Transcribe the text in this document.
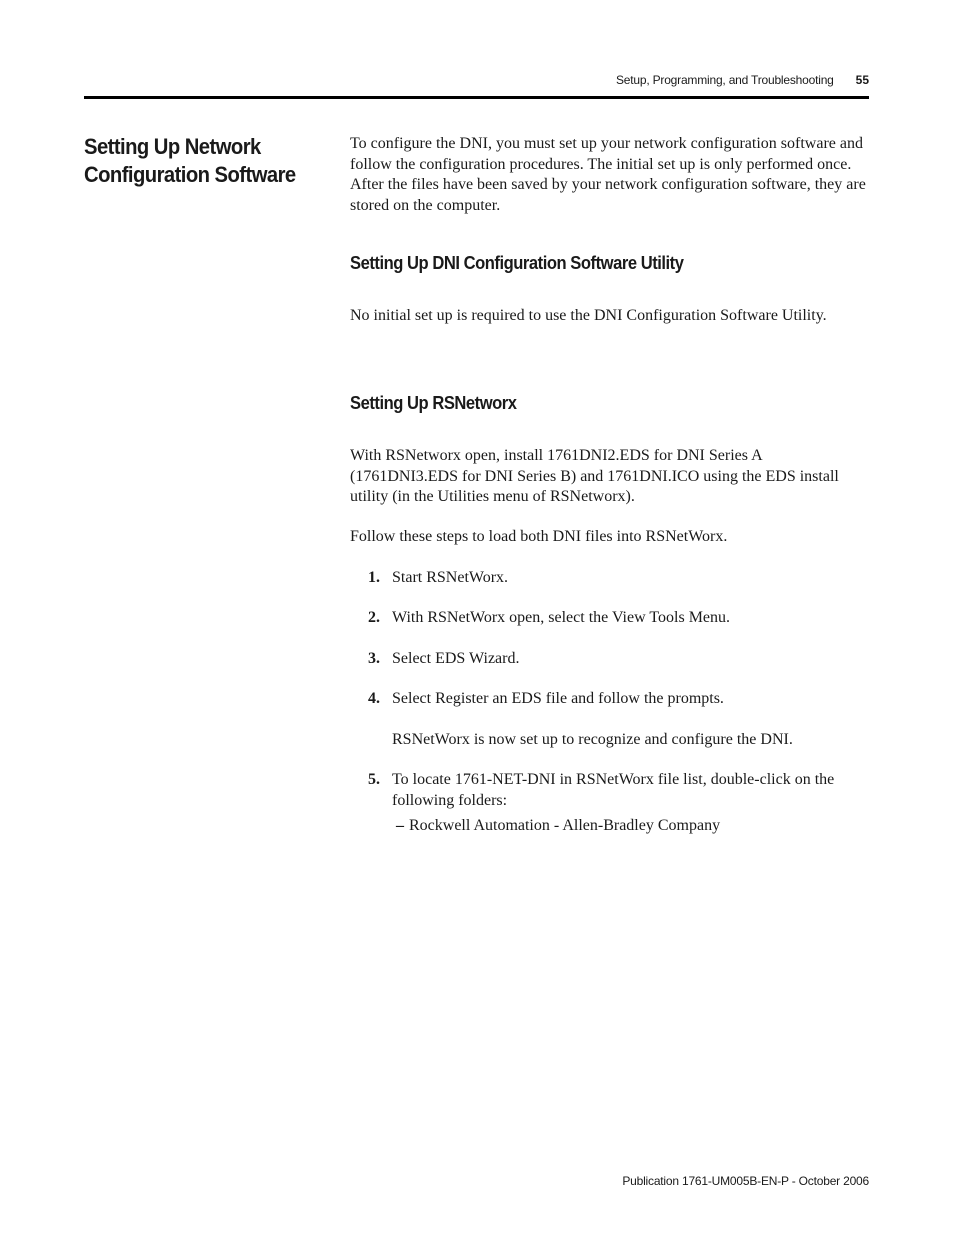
Setup, Programming, and Troubleshooting 55
Setting Up Network Configuration Software

To configure the DNI, you must set up your network configuration software and follow the configuration procedures. The initial set up is only performed once. After the files have been saved by your network configuration software, they are stored on the computer.

Setting Up DNI Configuration Software Utility

No initial set up is required to use the DNI Configuration Software Utility.

Setting Up RSNetworx

With RSNetworx open, install 1761DNI2.EDS for DNI Series A (1761DNI3.EDS for DNI Series B) and 1761DNI.ICO using the EDS install utility (in the Utilities menu of RSNetworx).

Follow these steps to load both DNI files into RSNetWorx.

1. Start RSNetWorx.
2. With RSNetWorx open, select the View Tools Menu.
3. Select EDS Wizard.
4. Select Register an EDS file and follow the prompts.
RSNetWorx is now set up to recognize and configure the DNI.
5. To locate 1761-NET-DNI in RSNetWorx file list, double-click on the following folders:
– Rockwell Automation - Allen-Bradley Company
Publication 1761-UM005B-EN-P - October 2006
